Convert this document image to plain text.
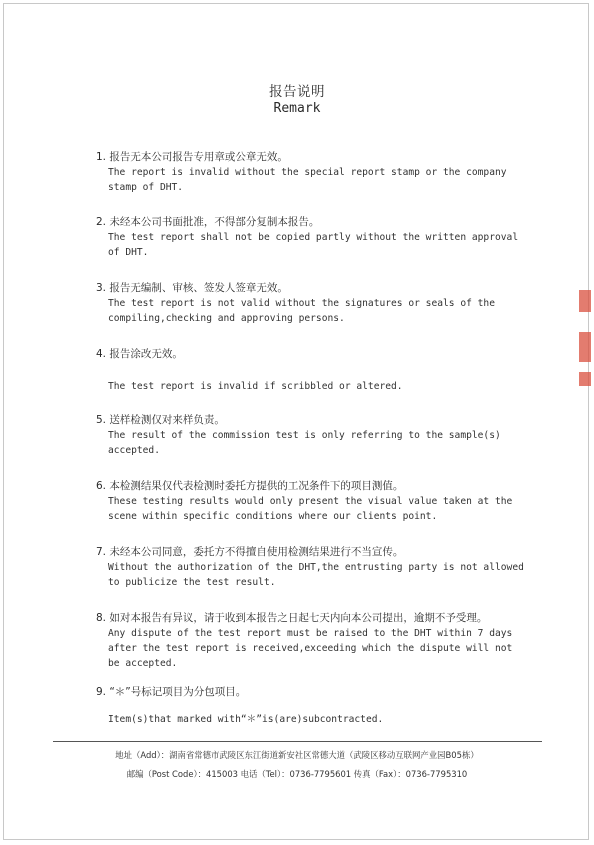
报告说明
Remark
1. 报告无本公司报告专用章或公章无效。
The report is invalid without the special report stamp or the company
stamp of DHT.
2. 未经本公司书面批准，不得部分复制本报告。
The test report shall not be copied partly without the written approval
of DHT.
3. 报告无编制、审核、签发人签章无效。
The test report is not valid without the signatures or seals of the
compiling,checking and approving persons.
4. 报告涂改无效。
The test report is invalid if scribbled or altered.
5. 送样检测仅对来样负责。
The result of the commission test is only referring to the sample(s)
accepted.
6. 本检测结果仅代表检测时委托方提供的工况条件下的项目测值。
These testing results would only present the visual value taken at the
scene within specific conditions where our clients point.
7. 未经本公司同意，委托方不得擅自使用检测结果进行不当宣传。
Without the authorization of the DHT,the entrusting party is not allowed
to publicize the test result.
8. 如对本报告有异议，请于收到本报告之日起七天内向本公司提出，逾期不予受理。
Any dispute of the test report must be raised to the DHT within 7 days
after the test report is received,exceeding which the dispute will not
be accepted.
9. “＊”号标记项目为分包项目。
Item(s)that marked with“＊”is(are)subcontracted.
地址（Add）：湖南省常德市武陵区东江街道新安社区常德大道（武陵区移动互联网产业园B05栋）
邮编（Post Code）：415003 电话（Tel）：0736-7795601 传真（Fax）：0736-7795310
